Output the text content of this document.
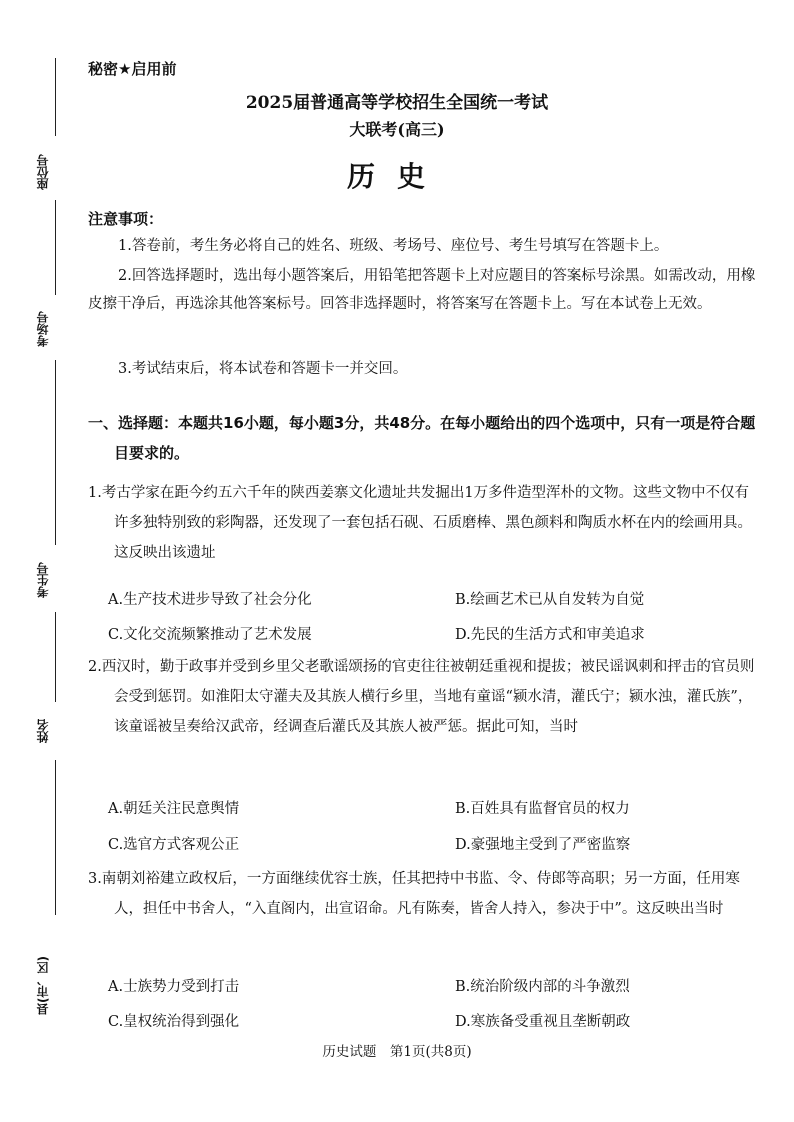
座位号
考场号
考生号
姓名
县(市、区)
秘密★启用前
2025届普通高等学校招生全国统一考试
大联考(高三)
历史
注意事项：
1.答卷前，考生务必将自己的姓名、班级、考场号、座位号、考生号填写在答题卡上。
2.回答选择题时，选出每小题答案后，用铅笔把答题卡上对应题目的答案标号涂黑。如需改动，用橡皮擦干净后，再选涂其他答案标号。回答非选择题时，将答案写在答题卡上。写在本试卷上无效。
3.考试结束后，将本试卷和答题卡一并交回。
一、选择题：本题共16小题，每小题3分，共48分。在每小题给出的四个选项中，只有一项是符合题目要求的。
1.考古学家在距今约五六千年的陕西姜寨文化遗址共发掘出1万多件造型浑朴的文物。这些文物中不仅有许多独特别致的彩陶器，还发现了一套包括石砚、石质磨棒、黑色颜料和陶质水杯在内的绘画用具。这反映出该遗址
A.生产技术进步导致了社会分化	B.绘画艺术已从自发转为自觉
C.文化交流频繁推动了艺术发展	D.先民的生活方式和审美追求
2.西汉时，勤于政事并受到乡里父老歌谣颂扬的官吏往往被朝廷重视和提拔；被民谣讽刺和抨击的官员则会受到惩罚。如淮阳太守灌夫及其族人横行乡里，当地有童谣“颍水清，灌氏宁；颍水浊，灌氏族”，该童谣被呈奏给汉武帝，经调查后灌氏及其族人被严惩。据此可知，当时
A.朝廷关注民意舆情	B.百姓具有监督官员的权力
C.选官方式客观公正	D.豪强地主受到了严密监察
3.南朝刘裕建立政权后，一方面继续优容士族，任其把持中书监、令、侍郎等高职；另一方面，任用寒人，担任中书舍人，“入直阁内，出宣诏命。凡有陈奏，皆舍人持入，参决于中”。这反映出当时
A.士族势力受到打击	B.统治阶级内部的斗争激烈
C.皇权统治得到强化	D.寒族备受重视且垄断朝政
历史试题　第1页(共8页)
